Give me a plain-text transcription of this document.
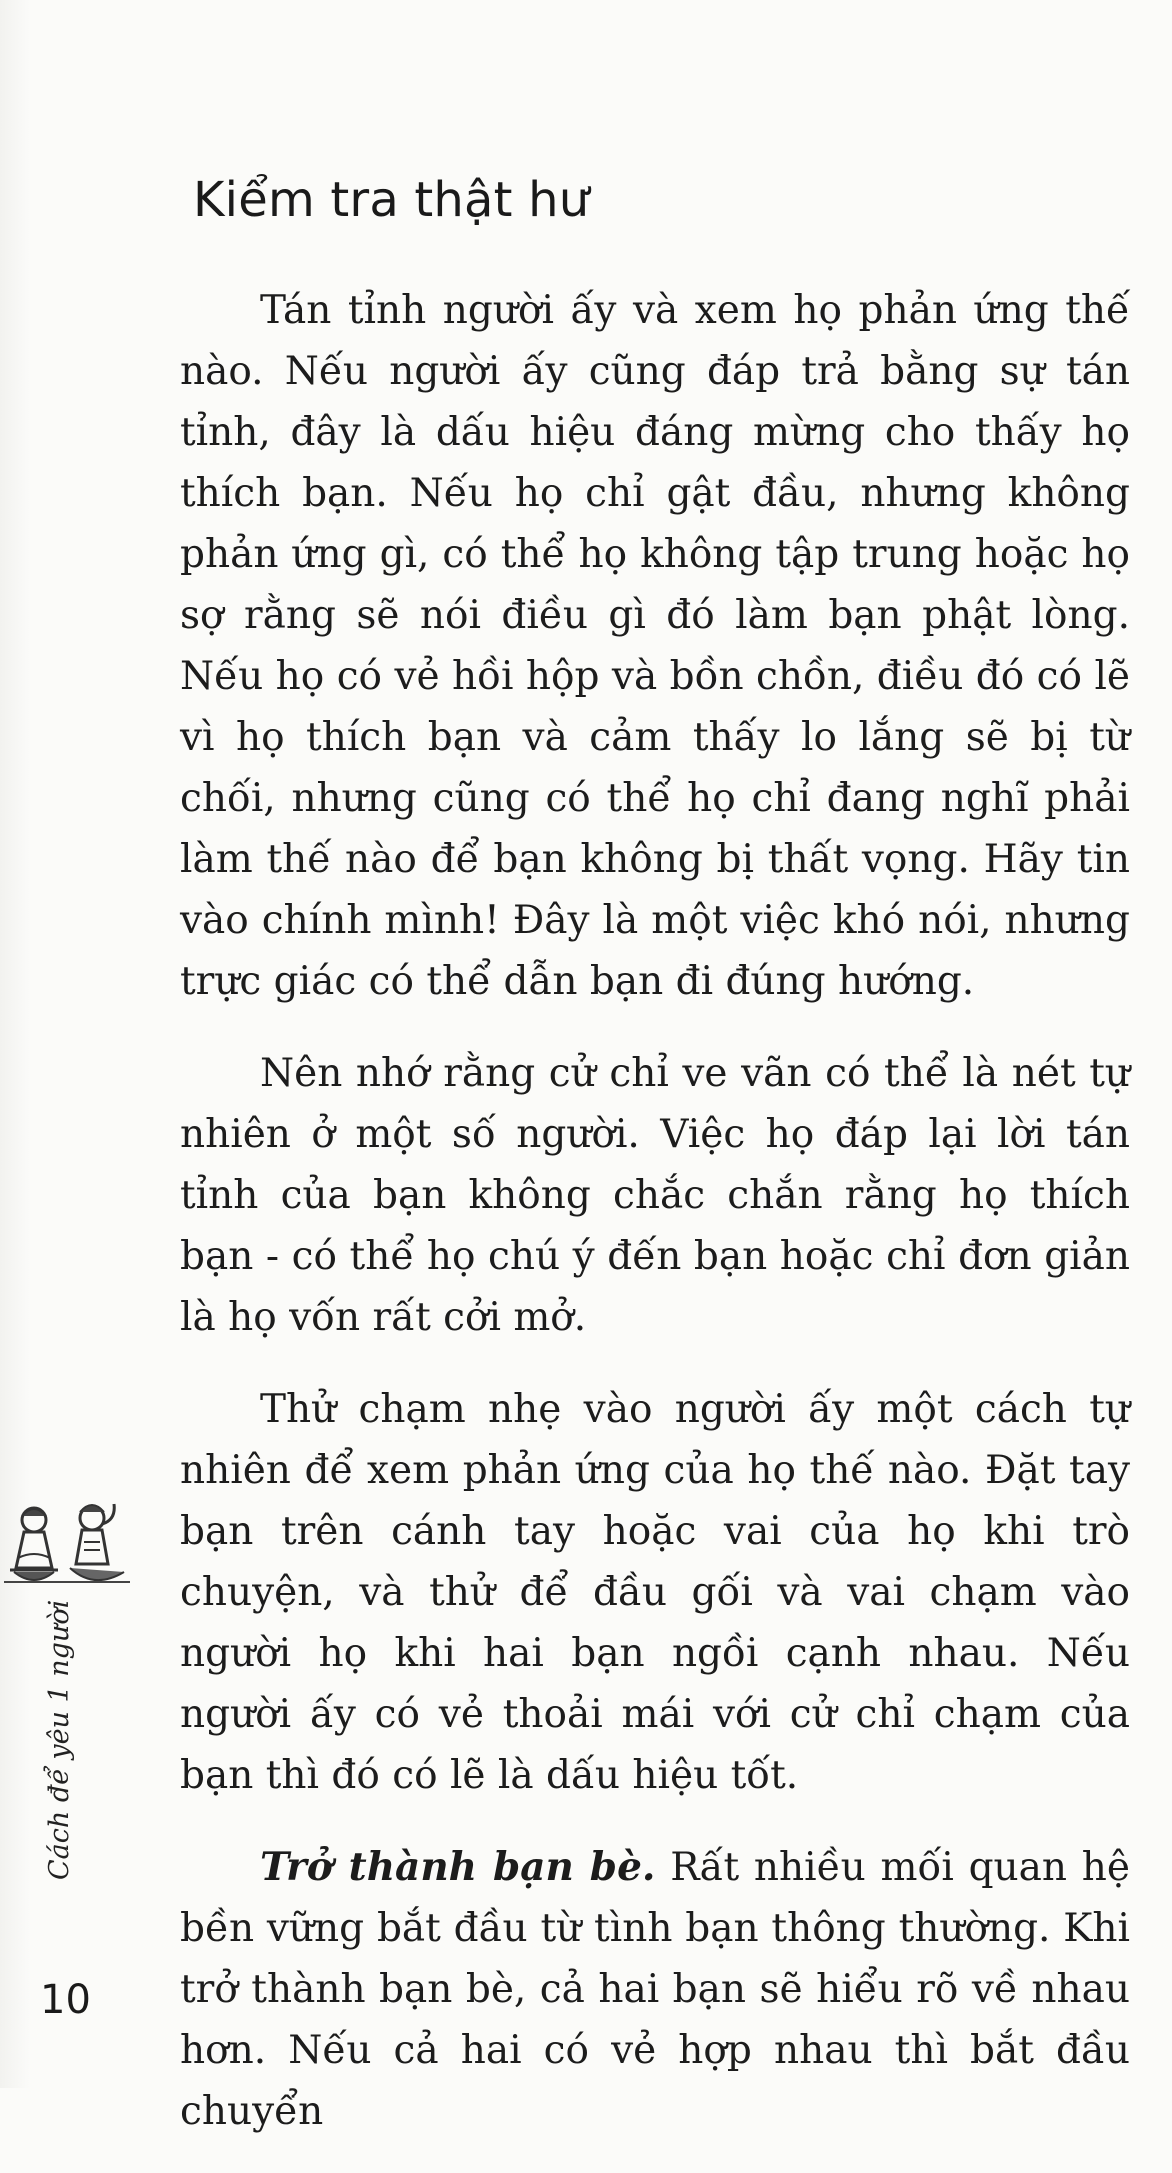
Kiểm tra thật hư

Tán tỉnh người ấy và xem họ phản ứng thế nào. Nếu người ấy cũng đáp trả bằng sự tán tỉnh, đây là dấu hiệu đáng mừng cho thấy họ thích bạn. Nếu họ chỉ gật đầu, nhưng không phản ứng gì, có thể họ không tập trung hoặc họ sợ rằng sẽ nói điều gì đó làm bạn phật lòng. Nếu họ có vẻ hồi hộp và bồn chồn, điều đó có lẽ vì họ thích bạn và cảm thấy lo lắng sẽ bị từ chối, nhưng cũng có thể họ chỉ đang nghĩ phải làm thế nào để bạn không bị thất vọng. Hãy tin vào chính mình! Đây là một việc khó nói, nhưng trực giác có thể dẫn bạn đi đúng hướng.

Nên nhớ rằng cử chỉ ve vãn có thể là nét tự nhiên ở một số người. Việc họ đáp lại lời tán tỉnh của bạn không chắc chắn rằng họ thích bạn - có thể họ chú ý đến bạn hoặc chỉ đơn giản là họ vốn rất cởi mở.

Thử chạm nhẹ vào người ấy một cách tự nhiên để xem phản ứng của họ thế nào. Đặt tay bạn trên cánh tay hoặc vai của họ khi trò chuyện, và thử để đầu gối và vai chạm vào người họ khi hai bạn ngồi cạnh nhau. Nếu người ấy có vẻ thoải mái với cử chỉ chạm của bạn thì đó có lẽ là dấu hiệu tốt.

Trở thành bạn bè. Rất nhiều mối quan hệ bền vững bắt đầu từ tình bạn thông thường. Khi trở thành bạn bè, cả hai bạn sẽ hiểu rõ về nhau hơn. Nếu cả hai có vẻ hợp nhau thì bắt đầu chuyển

Cách để yêu 1 người
10
